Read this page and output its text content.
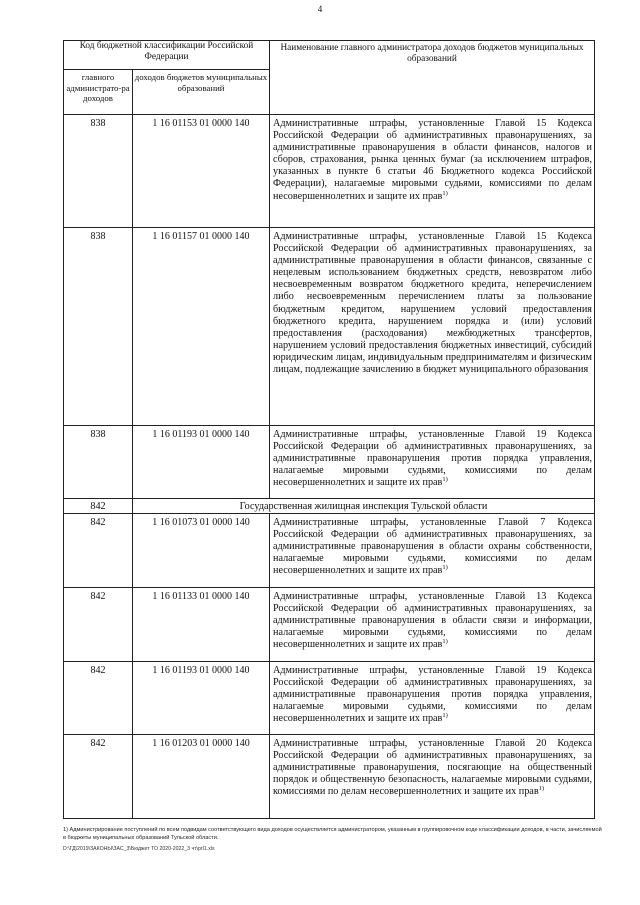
4
Код бюджетной классификации Российской Федерации		Наименование главного администратора доходов бюджетов муниципальных образований
главного администрато-ра доходов	доходов бюджетов муниципальных образований	
838	1 16 01153 01 0000 140	Административные штрафы, установленные Главой 15 Кодекса Российской Федерации об административных правонарушениях, за административные правонарушения в области финансов, налогов и сборов, страхования, рынка ценных бумаг (за исключением штрафов, указанных в пункте 6 статьи 46 Бюджетного кодекса Российской Федерации), налагаемые мировыми судьями, комиссиями по делам несовершеннолетних и защите их прав$^{1)}$
838	1 16 01157 01 0000 140	Административные штрафы, установленные Главой 15 Кодекса Российской Федерации об административных правонарушениях, за административные правонарушения в области финансов, связанные с нецелевым использованием бюджетных средств, невозвратом либо несвоевременным возвратом бюджетного кредита, неперечислением либо несвоевременным перечислением платы за пользование бюджетным кредитом, нарушением условий предоставления бюджетного кредита, нарушением порядка и (или) условий предоставления (расходования) межбюджетных трансфертов, нарушением условий предоставления бюджетных инвестиций, субсидий юридическим лицам, индивидуальным предпринимателям и физическим лицам, подлежащие зачислению в бюджет муниципального образования
838	1 16 01193 01 0000 140	Административные штрафы, установленные Главой 19 Кодекса Российской Федерации об административных правонарушениях, за административные правонарушения против порядка управления, налагаемые мировыми судьями, комиссиями по делам несовершеннолетних и защите их прав$^{1)}$
842	Государственная жилищная инспекция Тульской области	
842	1 16 01073 01 0000 140	Административные штрафы, установленные Главой 7 Кодекса Российской Федерации об административных правонарушениях, за административные правонарушения в области охраны собственности, налагаемые мировыми судьями, комиссиями по делам несовершеннолетних и защите их прав$^{1)}$
842	1 16 01133 01 0000 140	Административные штрафы, установленные Главой 13 Кодекса Российской Федерации об административных правонарушениях, за административные правонарушения в области связи и информации, налагаемые мировыми судьями, комиссиями по делам несовершеннолетних и защите их прав$^{1)}$
842	1 16 01193 01 0000 140	Административные штрафы, установленные Главой 19 Кодекса Российской Федерации об административных правонарушениях, за административные правонарушения против порядка управления, налагаемые мировыми судьями, комиссиями по делам несовершеннолетних и защите их прав$^{1)}$
842	1 16 01203 01 0000 140	Административные штрафы, установленные Главой 20 Кодекса Российской Федерации об административных правонарушениях, за административные правонарушения, посягающие на общественный порядок и общественную безопасность, налагаемые мировыми судьями, комиссиями по делам несовершеннолетних и защите их прав$^{1)}$
1) Администрирование поступлений по всем подвидам соответствующего вида доходов осуществляется администратором, указанным в группировочном коде классификации доходов, в части, зачисляемой в бюджеты муниципальных образований Тульской области.
D:\ГД\2019\ЗАКОНЫ\ЗАС_3\Бюджет ТО 2020-2022_3 чт\ргl1.xls
